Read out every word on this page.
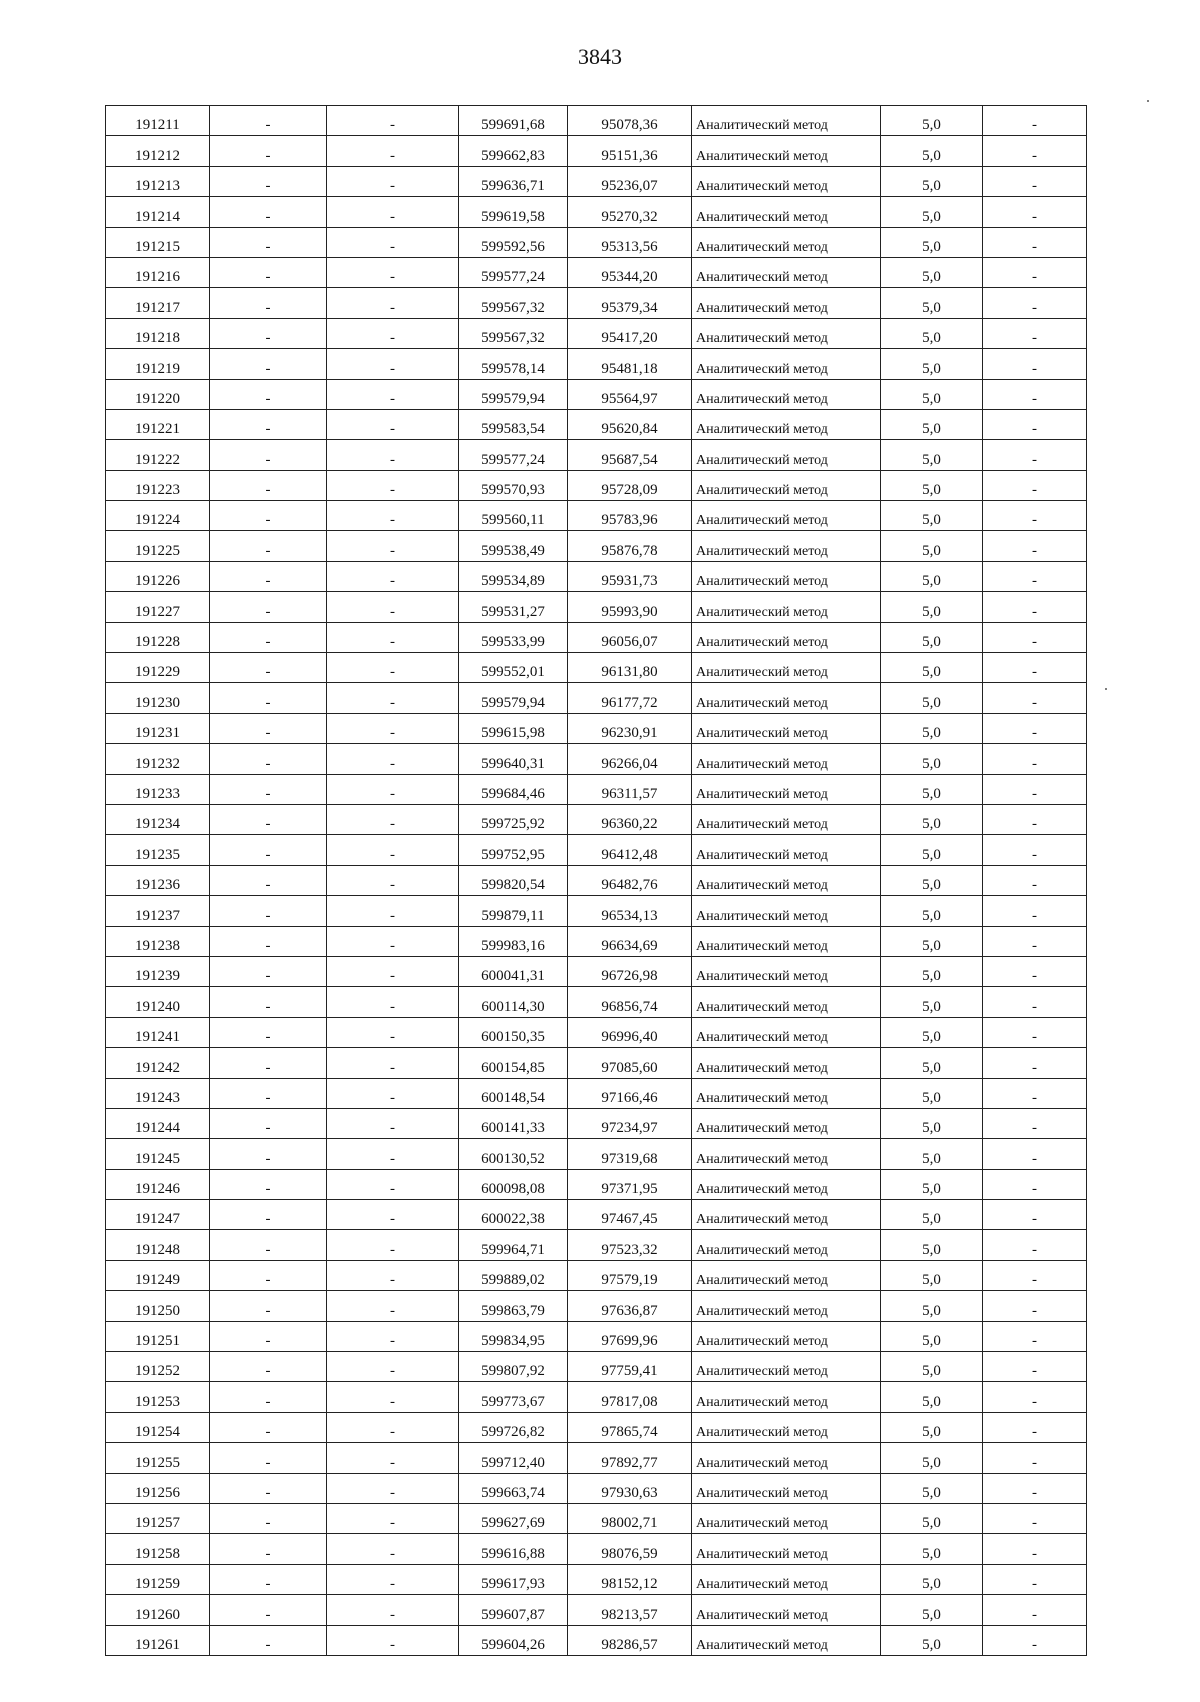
3843
191211	-	-	599691,68	95078,36	Аналитический метод	5,0	-
191212	-	-	599662,83	95151,36	Аналитический метод	5,0	-
191213	-	-	599636,71	95236,07	Аналитический метод	5,0	-
191214	-	-	599619,58	95270,32	Аналитический метод	5,0	-
191215	-	-	599592,56	95313,56	Аналитический метод	5,0	-
191216	-	-	599577,24	95344,20	Аналитический метод	5,0	-
191217	-	-	599567,32	95379,34	Аналитический метод	5,0	-
191218	-	-	599567,32	95417,20	Аналитический метод	5,0	-
191219	-	-	599578,14	95481,18	Аналитический метод	5,0	-
191220	-	-	599579,94	95564,97	Аналитический метод	5,0	-
191221	-	-	599583,54	95620,84	Аналитический метод	5,0	-
191222	-	-	599577,24	95687,54	Аналитический метод	5,0	-
191223	-	-	599570,93	95728,09	Аналитический метод	5,0	-
191224	-	-	599560,11	95783,96	Аналитический метод	5,0	-
191225	-	-	599538,49	95876,78	Аналитический метод	5,0	-
191226	-	-	599534,89	95931,73	Аналитический метод	5,0	-
191227	-	-	599531,27	95993,90	Аналитический метод	5,0	-
191228	-	-	599533,99	96056,07	Аналитический метод	5,0	-
191229	-	-	599552,01	96131,80	Аналитический метод	5,0	-
191230	-	-	599579,94	96177,72	Аналитический метод	5,0	-
191231	-	-	599615,98	96230,91	Аналитический метод	5,0	-
191232	-	-	599640,31	96266,04	Аналитический метод	5,0	-
191233	-	-	599684,46	96311,57	Аналитический метод	5,0	-
191234	-	-	599725,92	96360,22	Аналитический метод	5,0	-
191235	-	-	599752,95	96412,48	Аналитический метод	5,0	-
191236	-	-	599820,54	96482,76	Аналитический метод	5,0	-
191237	-	-	599879,11	96534,13	Аналитический метод	5,0	-
191238	-	-	599983,16	96634,69	Аналитический метод	5,0	-
191239	-	-	600041,31	96726,98	Аналитический метод	5,0	-
191240	-	-	600114,30	96856,74	Аналитический метод	5,0	-
191241	-	-	600150,35	96996,40	Аналитический метод	5,0	-
191242	-	-	600154,85	97085,60	Аналитический метод	5,0	-
191243	-	-	600148,54	97166,46	Аналитический метод	5,0	-
191244	-	-	600141,33	97234,97	Аналитический метод	5,0	-
191245	-	-	600130,52	97319,68	Аналитический метод	5,0	-
191246	-	-	600098,08	97371,95	Аналитический метод	5,0	-
191247	-	-	600022,38	97467,45	Аналитический метод	5,0	-
191248	-	-	599964,71	97523,32	Аналитический метод	5,0	-
191249	-	-	599889,02	97579,19	Аналитический метод	5,0	-
191250	-	-	599863,79	97636,87	Аналитический метод	5,0	-
191251	-	-	599834,95	97699,96	Аналитический метод	5,0	-
191252	-	-	599807,92	97759,41	Аналитический метод	5,0	-
191253	-	-	599773,67	97817,08	Аналитический метод	5,0	-
191254	-	-	599726,82	97865,74	Аналитический метод	5,0	-
191255	-	-	599712,40	97892,77	Аналитический метод	5,0	-
191256	-	-	599663,74	97930,63	Аналитический метод	5,0	-
191257	-	-	599627,69	98002,71	Аналитический метод	5,0	-
191258	-	-	599616,88	98076,59	Аналитический метод	5,0	-
191259	-	-	599617,93	98152,12	Аналитический метод	5,0	-
191260	-	-	599607,87	98213,57	Аналитический метод	5,0	-
191261	-	-	599604,26	98286,57	Аналитический метод	5,0	-
